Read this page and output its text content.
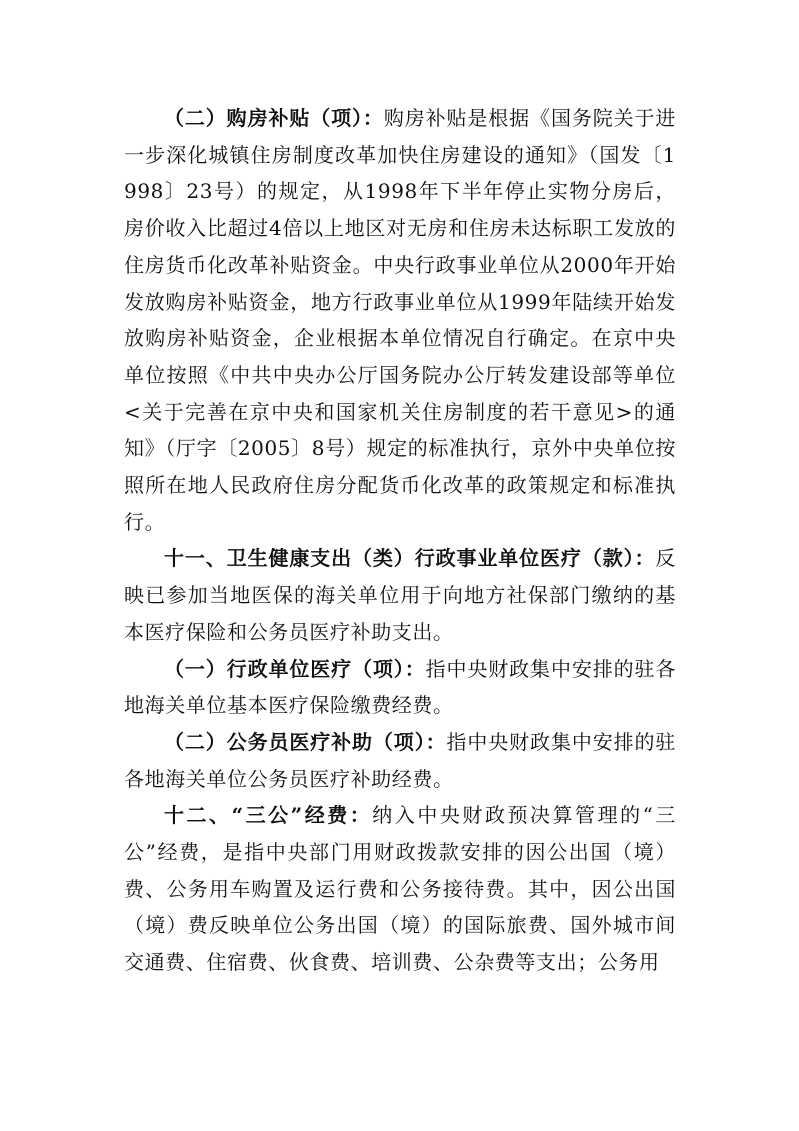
（二）购房补贴（项）：购房补贴是根据《国务院关于进一步深化城镇住房制度改革加快住房建设的通知》（国发〔1998〕23号）的规定，从1998年下半年停止实物分房后，房价收入比超过4倍以上地区对无房和住房未达标职工发放的住房货币化改革补贴资金。中央行政事业单位从2000年开始发放购房补贴资金，地方行政事业单位从1999年陆续开始发放购房补贴资金，企业根据本单位情况自行确定。在京中央单位按照《中共中央办公厅国务院办公厅转发建设部等单位<关于完善在京中央和国家机关住房制度的若干意见>的通知》（厅字〔2005〕8号）规定的标准执行，京外中央单位按照所在地人民政府住房分配货币化改革的政策规定和标准执行。

十一、卫生健康支出（类）行政事业单位医疗（款）：反映已参加当地医保的海关单位用于向地方社保部门缴纳的基本医疗保险和公务员医疗补助支出。

（一）行政单位医疗（项）：指中央财政集中安排的驻各地海关单位基本医疗保险缴费经费。

（二）公务员医疗补助（项）：指中央财政集中安排的驻各地海关单位公务员医疗补助经费。

十二、“三公”经费：纳入中央财政预决算管理的“三公”经费，是指中央部门用财政拨款安排的因公出国（境）费、公务用车购置及运行费和公务接待费。其中，因公出国（境）费反映单位公务出国（境）的国际旅费、国外城市间交通费、住宿费、伙食费、培训费、公杂费等支出；公务用
